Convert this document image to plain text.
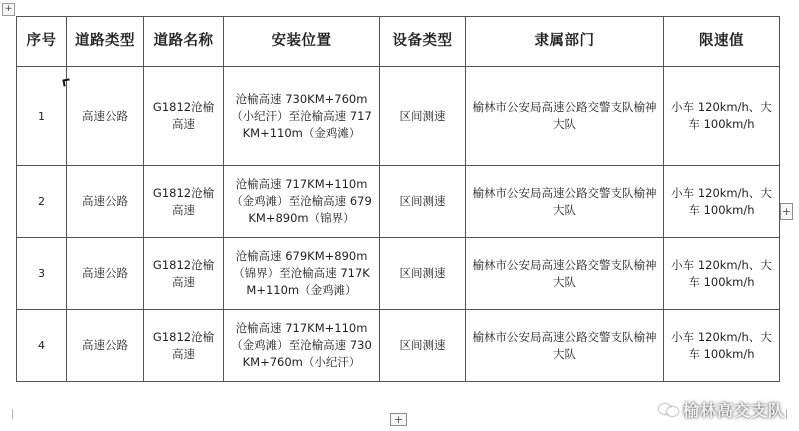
+
序号	道路类型	道路名称	安装位置	设备类型	隶属部门	限速值
1	高速公路	G1812沧榆高速	沧榆高速 730KM+760m（小纪汗）至沧榆高速 717KM+110m（金鸡滩）	区间测速	榆林市公安局高速公路交警支队榆神大队	小车 120km/h、大车 100km/h
2	高速公路	G1812沧榆高速	沧榆高速 717KM+110m（金鸡滩）至沧榆高速 679KM+890m（锦界）	区间测速	榆林市公安局高速公路交警支队榆神大队	小车 120km/h、大车 100km/h
3	高速公路	G1812沧榆高速	沧榆高速 679KM+890m（锦界）至沧榆高速 717KM+110m（金鸡滩）	区间测速	榆林市公安局高速公路交警支队榆神大队	小车 120km/h、大车 100km/h
4	高速公路	G1812沧榆高速	沧榆高速 717KM+110m（金鸡滩）至沧榆高速 730KM+760m（小纪汗）	区间测速	榆林市公安局高速公路交警支队榆神大队	小车 120km/h、大车 100km/h
+
+	榆林高交支队
